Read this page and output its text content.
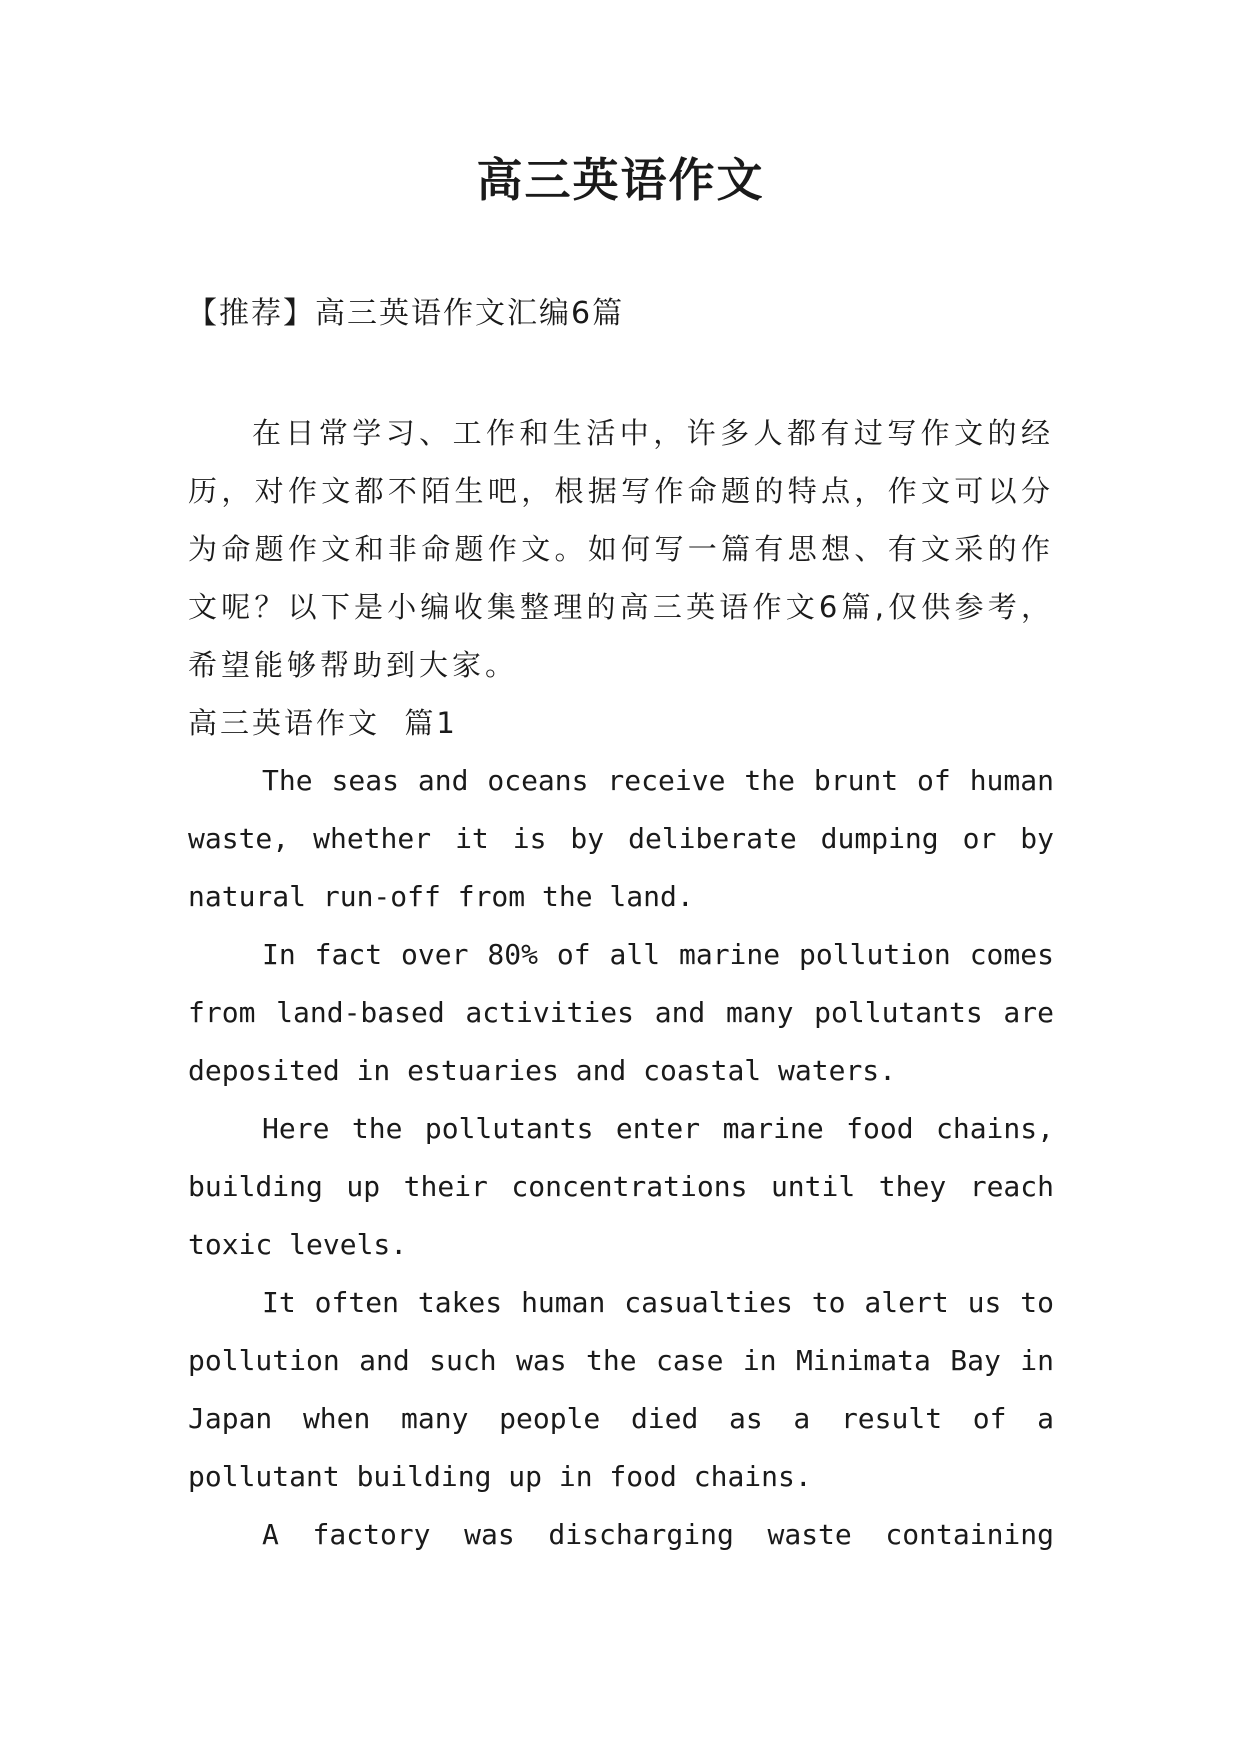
高三英语作文
【推荐】高三英语作文汇编6篇

在日常学习、工作和生活中，许多人都有过写作文的经历，对作文都不陌生吧，根据写作命题的特点，作文可以分为命题作文和非命题作文。如何写一篇有思想、有文采的作文呢？以下是小编收集整理的高三英语作文6篇,仅供参考，希望能够帮助到大家。

高三英语作文  篇1

The seas and oceans receive the brunt of human waste, whether it is by deliberate dumping or by natural run-off from the land.

In fact over 80% of all marine pollution comes from land-based activities and many pollutants are deposited in estuaries and coastal waters.

Here the pollutants enter marine food chains, building up their concentrations until they reach toxic levels.

It often takes human casualties to alert us to pollution and such was the case in Minimata Bay in Japan when many people died as a result of a pollutant building up in food chains.

A factory was discharging waste containing
